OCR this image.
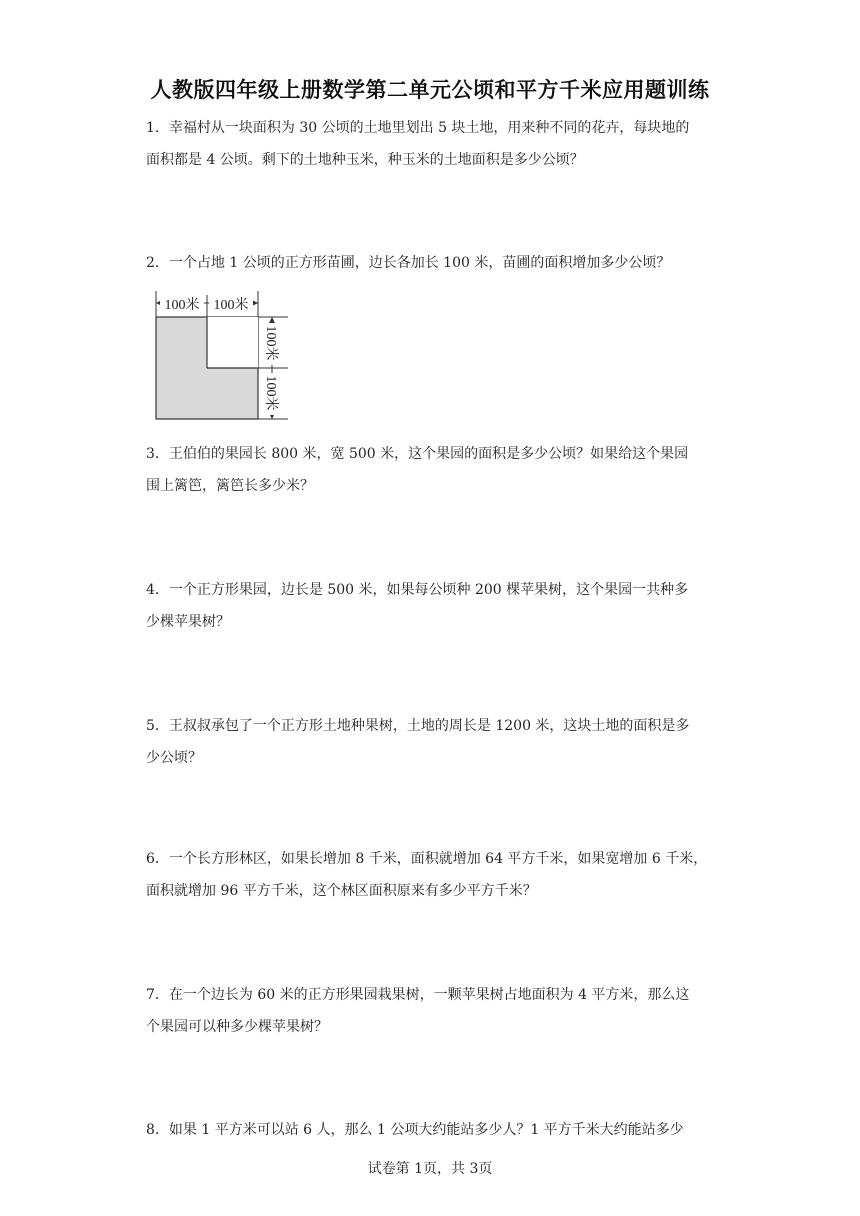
人教版四年级上册数学第二单元公顷和平方千米应用题训练

1．幸福村从一块面积为 30 公顷的土地里划出 5 块土地，用来种不同的花卉，每块地的

面积都是 4 公顷。剩下的土地种玉米，种玉米的土地面积是多少公顷？

2．一个占地 1 公顷的正方形苗圃，边长各加长 100 米，苗圃的面积增加多少公顷？

100米 100米
100米
100米

3．王伯伯的果园长 800 米，宽 500 米，这个果园的面积是多少公顷？如果给这个果园

围上篱笆，篱笆长多少米？

4．一个正方形果园，边长是 500 米，如果每公顷种 200 棵苹果树，这个果园一共种多

少棵苹果树？

5．王叔叔承包了一个正方形土地种果树，土地的周长是 1200 米，这块土地的面积是多

少公顷？

6．一个长方形林区，如果长增加 8 千米，面积就增加 64 平方千米，如果宽增加 6 千米，

面积就增加 96 平方千米，这个林区面积原来有多少平方千米？

7．在一个边长为 60 米的正方形果园栽果树，一颗苹果树占地面积为 4 平方米，那么这

个果园可以种多少棵苹果树？

8．如果 1 平方米可以站 6 人，那么 1 公项大约能站多少人？1 平方千米大约能站多少

试卷第 1页，共 3页
